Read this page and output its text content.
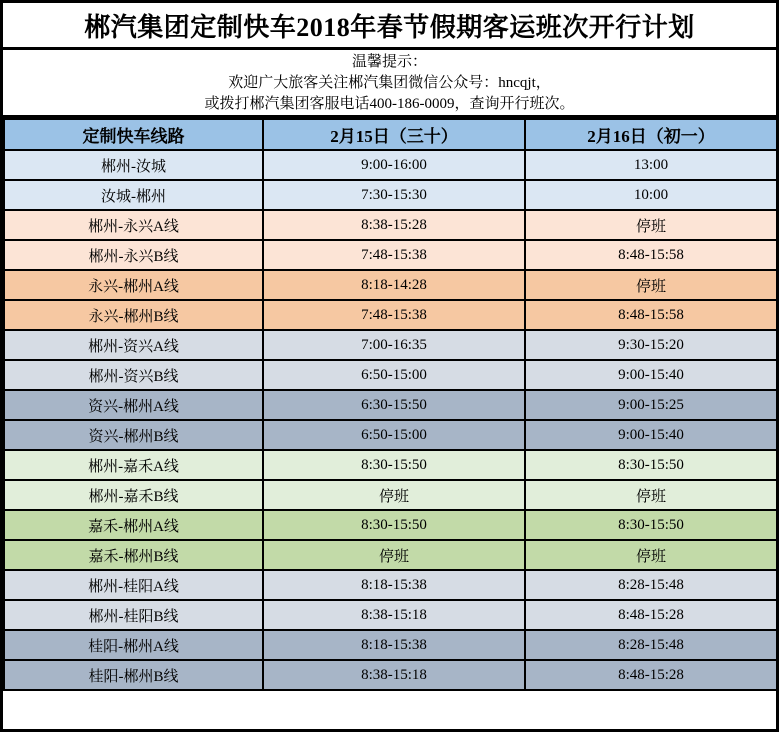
郴汽集团定制快车2018年春节假期客运班次开行计划
温馨提示：
欢迎广大旅客关注郴汽集团微信公众号：hncqjt，
或拨打郴汽集团客服电话400-186-0009，查询开行班次。
定制快车线路	2月15日（三十）	2月16日（初一）
郴州-汝城	9:00-16:00	13:00
汝城-郴州	7:30-15:30	10:00
郴州-永兴A线	8:38-15:28	停班
郴州-永兴B线	7:48-15:38	8:48-15:58
永兴-郴州A线	8:18-14:28	停班
永兴-郴州B线	7:48-15:38	8:48-15:58
郴州-资兴A线	7:00-16:35	9:30-15:20
郴州-资兴B线	6:50-15:00	9:00-15:40
资兴-郴州A线	6:30-15:50	9:00-15:25
资兴-郴州B线	6:50-15:00	9:00-15:40
郴州-嘉禾A线	8:30-15:50	8:30-15:50
郴州-嘉禾B线	停班	停班
嘉禾-郴州A线	8:30-15:50	8:30-15:50
嘉禾-郴州B线	停班	停班
郴州-桂阳A线	8:18-15:38	8:28-15:48
郴州-桂阳B线	8:38-15:18	8:48-15:28
桂阳-郴州A线	8:18-15:38	8:28-15:48
桂阳-郴州B线	8:38-15:18	8:48-15:28
